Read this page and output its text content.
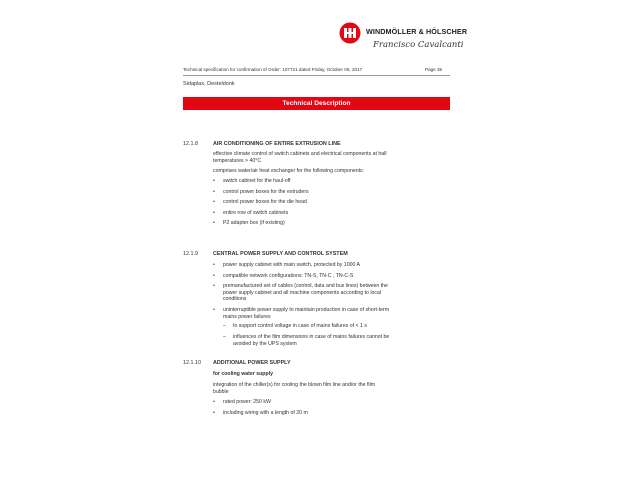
WINDMÖLLER & HÖLSCHER
Francisco Cavalcanti
Technical specification for confirmation of Order: 107721 dated Friday, October 06, 2017	Page 35
Sidaplax, Desteldonk
Technical Description
12.1.8	AIR CONDITIONING OF ENTIRE EXTRUSION LINE
effective climate control of switch cabinets and electrical components at hall
temperatures > 40°C
comprises water/air heat exchanger for the following components:
• switch cabinet for the haul-off
• control power boxes for the extruders
• control power boxes for the die head
• entire row of switch cabinets
• P2 adapter box (if existing)
12.1.9	CENTRAL POWER SUPPLY AND CONTROL SYSTEM
• power supply cabinet with main switch, protected by 1000 A
• compatible network configurations: TN-S, TN-C , TN-C-S
• premanufactured set of cables (control, data and bus lines) between the
power supply cabinet and all machine components according to local
conditions
• uninterruptible power supply to maintain production in case of short-term
mains power failures
– to support control voltage in case of mains failures of < 1 s
– influences of the film dimensions in case of mains failures cannot be
avoided by the UPS system
12.1.10 ADDITIONAL POWER SUPPLY
for cooling water supply
integration of the chiller(s) for cooling the blown film line and/or the film
bubble
• rated power: 250 kW
• including wiring with a length of 20 m
